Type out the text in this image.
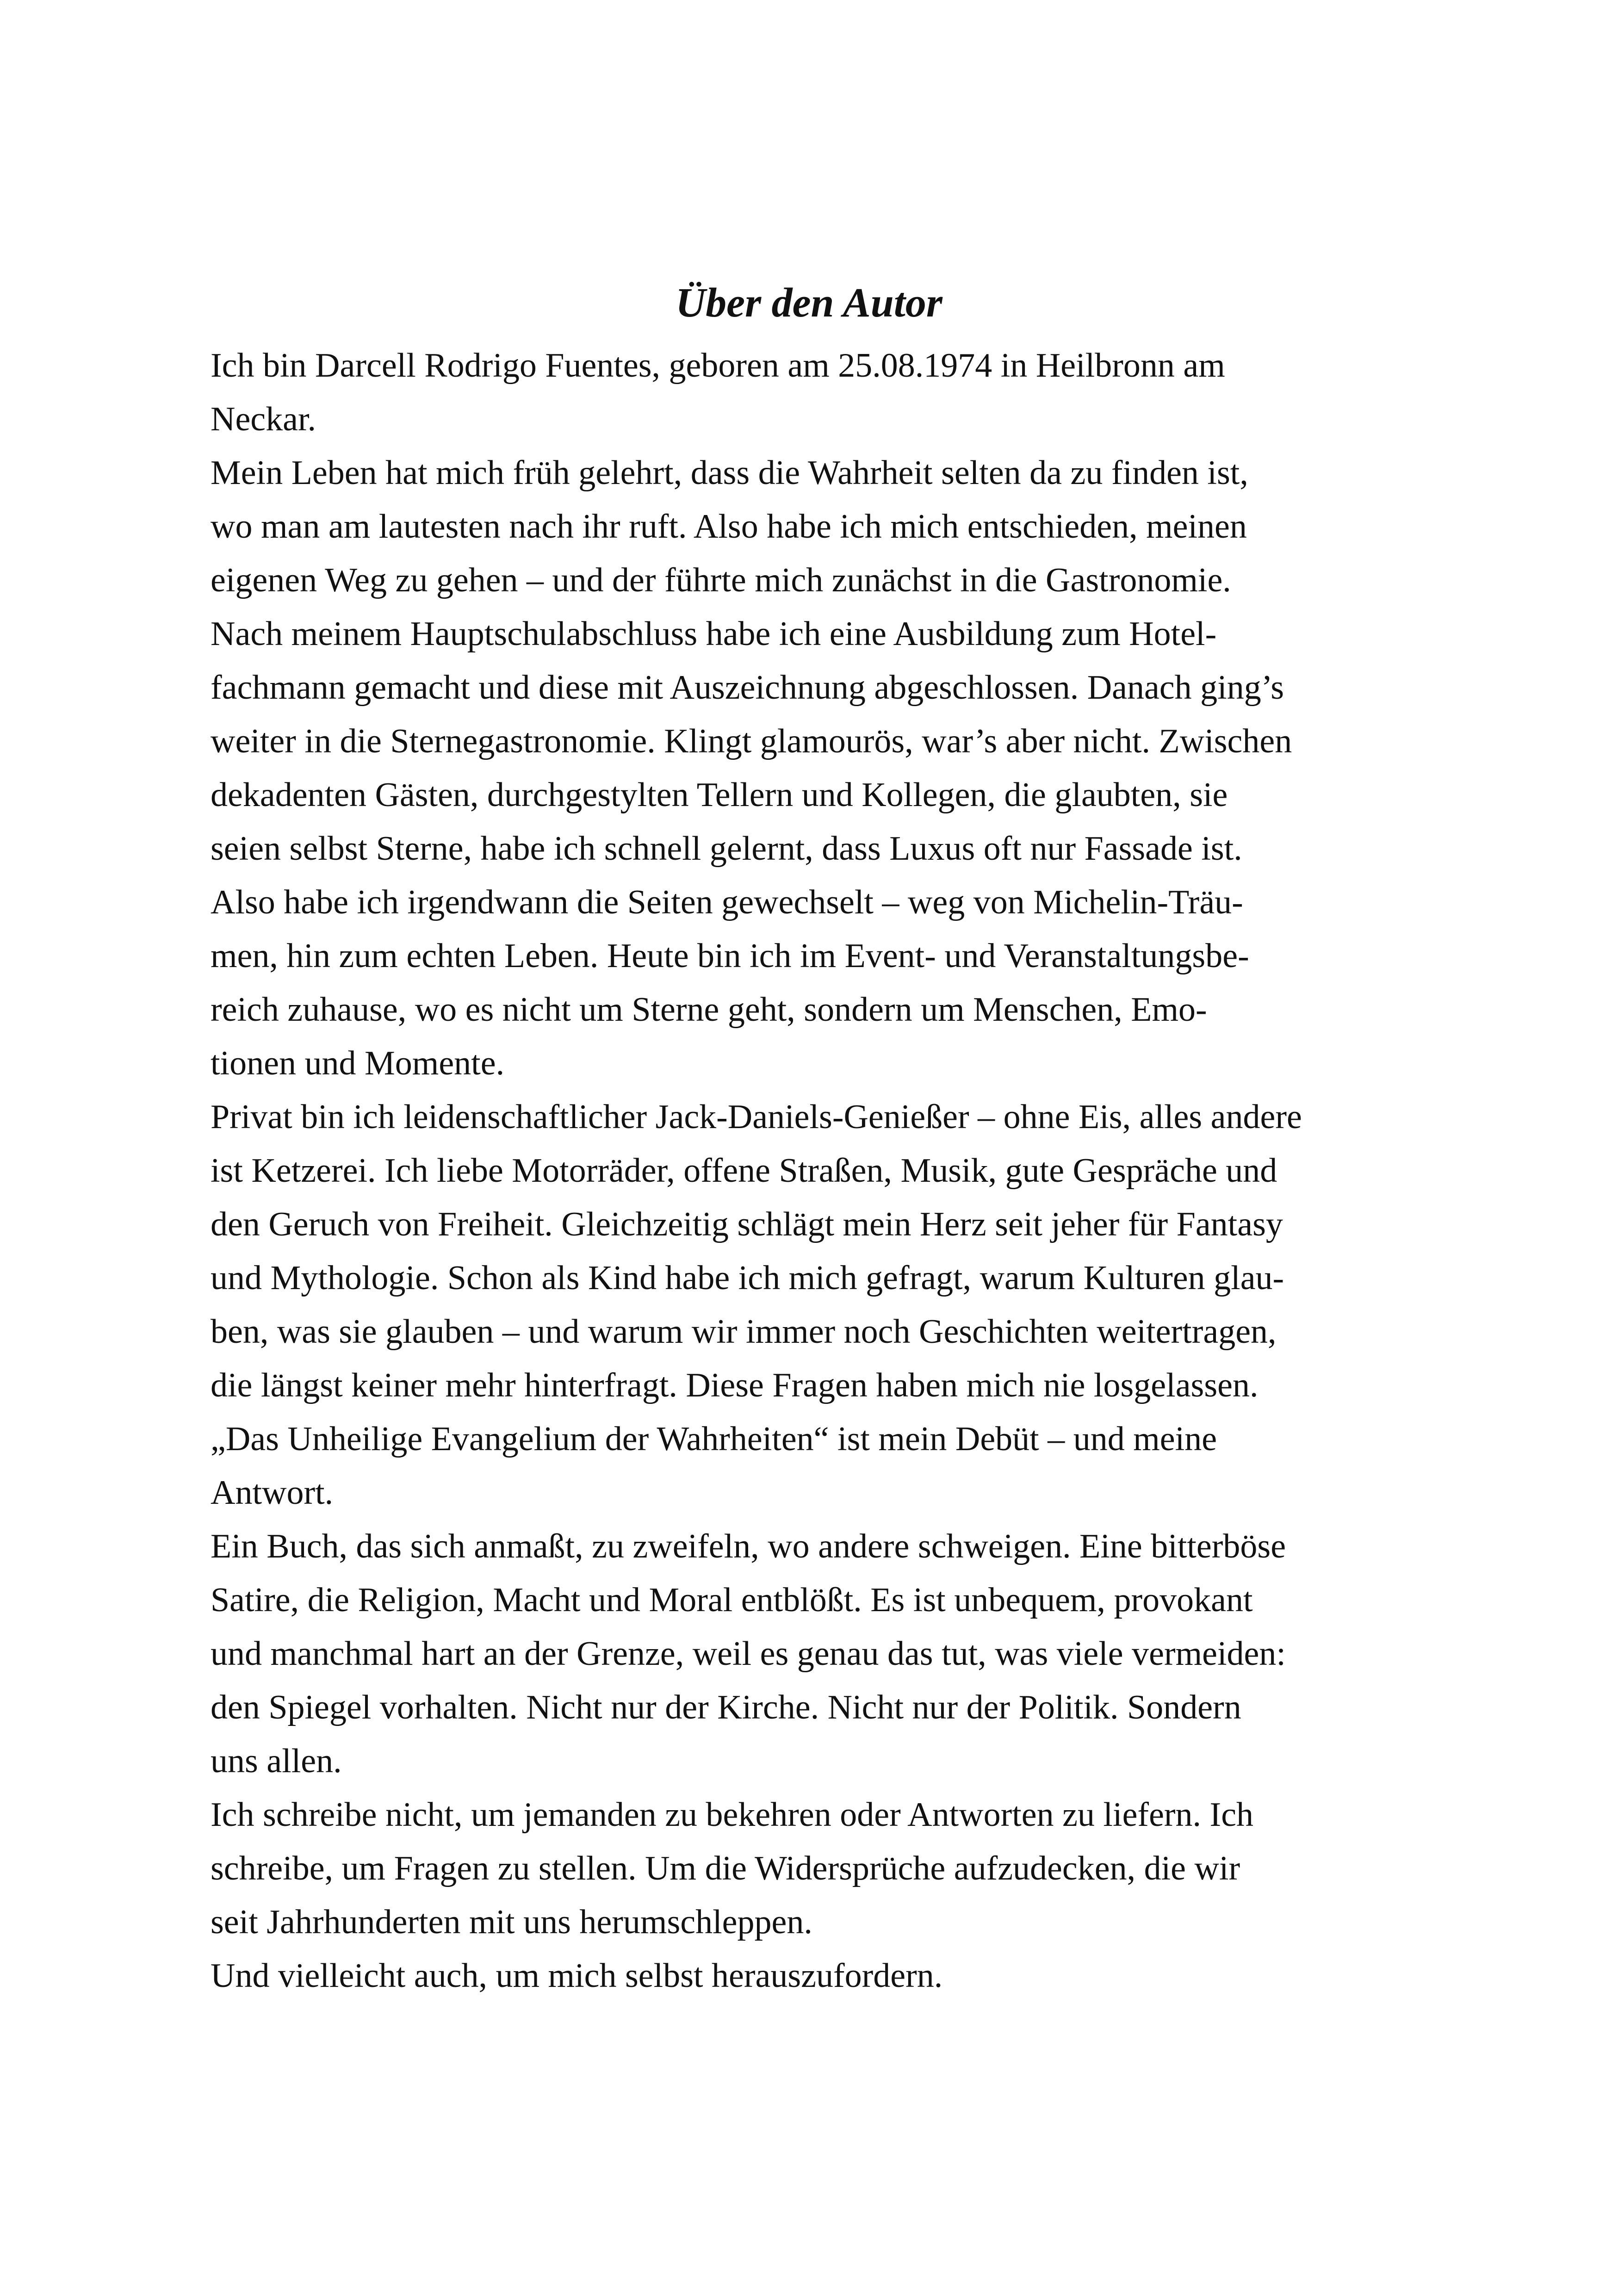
Über den Autor
Ich bin Darcell Rodrigo Fuentes, geboren am 25.08.1974 in Heilbronn am
Neckar.
Mein Leben hat mich früh gelehrt, dass die Wahrheit selten da zu finden ist,
wo man am lautesten nach ihr ruft. Also habe ich mich entschieden, meinen
eigenen Weg zu gehen – und der führte mich zunächst in die Gastronomie.
Nach meinem Hauptschulabschluss habe ich eine Ausbildung zum Hotel-
fachmann gemacht und diese mit Auszeichnung abgeschlossen. Danach ging’s
weiter in die Sternegastronomie. Klingt glamourös, war’s aber nicht. Zwischen
dekadenten Gästen, durchgestylten Tellern und Kollegen, die glaubten, sie
seien selbst Sterne, habe ich schnell gelernt, dass Luxus oft nur Fassade ist.
Also habe ich irgendwann die Seiten gewechselt – weg von Michelin-Träu-
men, hin zum echten Leben. Heute bin ich im Event- und Veranstaltungsbe-
reich zuhause, wo es nicht um Sterne geht, sondern um Menschen, Emo-
tionen und Momente.
Privat bin ich leidenschaftlicher Jack-Daniels-Genießer – ohne Eis, alles andere
ist Ketzerei. Ich liebe Motorräder, offene Straßen, Musik, gute Gespräche und
den Geruch von Freiheit. Gleichzeitig schlägt mein Herz seit jeher für Fantasy
und Mythologie. Schon als Kind habe ich mich gefragt, warum Kulturen glau-
ben, was sie glauben – und warum wir immer noch Geschichten weitertragen,
die längst keiner mehr hinterfragt. Diese Fragen haben mich nie losgelassen.
„Das Unheilige Evangelium der Wahrheiten“ ist mein Debüt – und meine
Antwort.
Ein Buch, das sich anmaßt, zu zweifeln, wo andere schweigen. Eine bitterböse
Satire, die Religion, Macht und Moral entblößt. Es ist unbequem, provokant
und manchmal hart an der Grenze, weil es genau das tut, was viele vermeiden:
den Spiegel vorhalten. Nicht nur der Kirche. Nicht nur der Politik. Sondern
uns allen.
Ich schreibe nicht, um jemanden zu bekehren oder Antworten zu liefern. Ich
schreibe, um Fragen zu stellen. Um die Widersprüche aufzudecken, die wir
seit Jahrhunderten mit uns herumschleppen.
Und vielleicht auch, um mich selbst herauszufordern.
